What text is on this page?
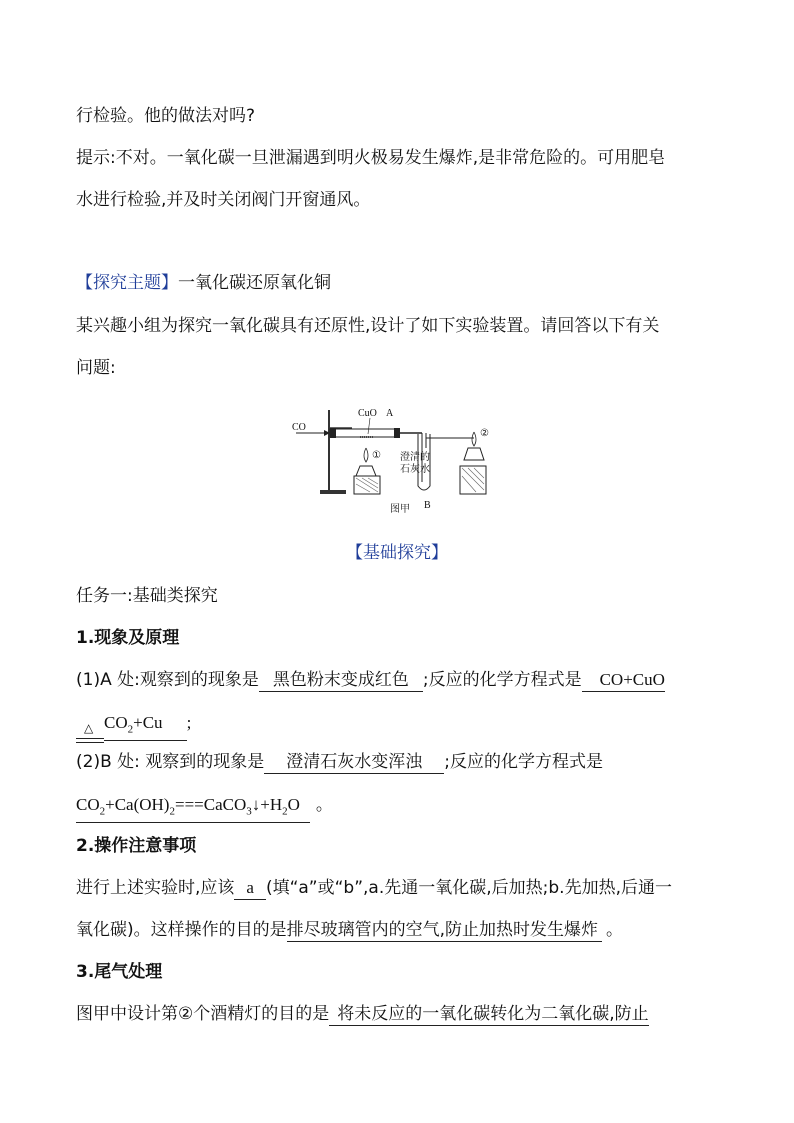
行检验。他的做法对吗?
提示:不对。一氧化碳一旦泄漏遇到明火极易发生爆炸,是非常危险的。可用肥皂
水进行检验,并及时关闭阀门开窗通风。
【探究主题】一氧化碳还原氧化铜
某兴趣小组为探究一氧化碳具有还原性,设计了如下实验装置。请回答以下有关
问题:
CO
CuO A
① 澄清的
石灰水
B
②
图甲
【基础探究】
任务一:基础类探究
1.现象及原理
(1)A 处:观察到的现象是 黑色粉末变成红色 ;反应的化学方程式是 CO+CuO
△ $CO_2+Cu$ ;
(2)B 处: 观察到的现象是 澄清石灰水变浑浊 ;反应的化学方程式是
$CO_2+Ca(OH)_2===CaCO_3↓+H_2O$ 。
2.操作注意事项
进行上述实验时,应该 a (填“a”或“b”,a.先通一氧化碳,后加热;b.先加热,后通一
氧化碳)。这样操作的目的是排尽玻璃管内的空气,防止加热时发生爆炸 。
3.尾气处理
图甲中设计第②个酒精灯的目的是 将未反应的一氧化碳转化为二氧化碳,防止
